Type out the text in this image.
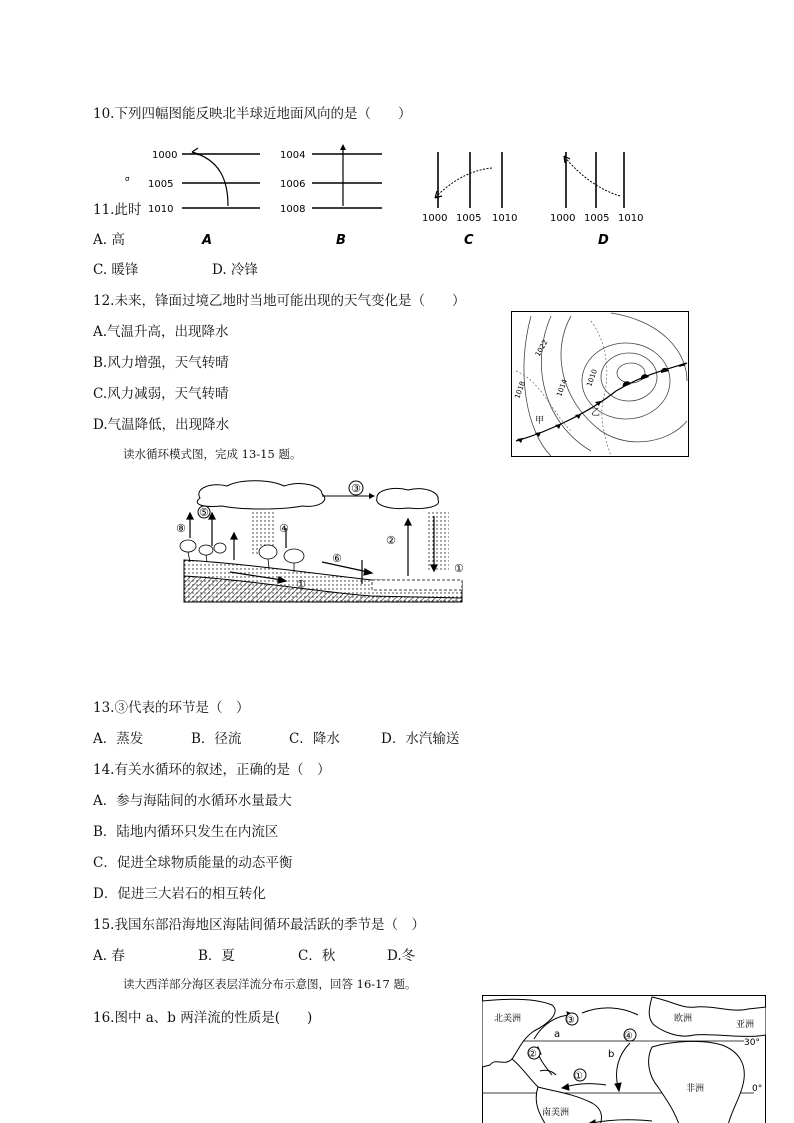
10.下列四幅图能反映北半球近地面风向的是（　　）
σ
1000
1005
1010
A
1004
1006
1008
B
1000 1005 1010
C
1000 1005 1010
D
11.此时
A. 高
C. 暖锋	D. 冷锋
12.未来，锋面过境乙地时当地可能出现的天气变化是（　　）
A.气温升高，出现降水
B.风力增强，天气转晴
C.风力减弱，天气转晴
D.气温降低，出现降水
1022
1018	1014
1010
甲
乙
读水循环模式图，完成 13-15 题。
③
⑤
④
⑧
⑥
②
①
①
13.③代表的环节是（　）
A．蒸发	B．径流	C．降水	D．水汽输送
14.有关水循环的叙述，正确的是（　）
A．参与海陆间的水循环水量最大
B．陆地内循环只发生在内流区
C．促进全球物质能量的动态平衡
D．促进三大岩石的相互转化
15.我国东部沿海地区海陆间循环最活跃的季节是（　）
A. 春	B．夏	C．秋	D.冬
读大西洋部分海区表层洋流分布示意图，回答 16-17 题。
16.图中 a、b 两洋流的性质是(　　)	③
②
④
①
北美洲	欧洲
亚洲
非洲
南美洲
a
b
30°
0°
